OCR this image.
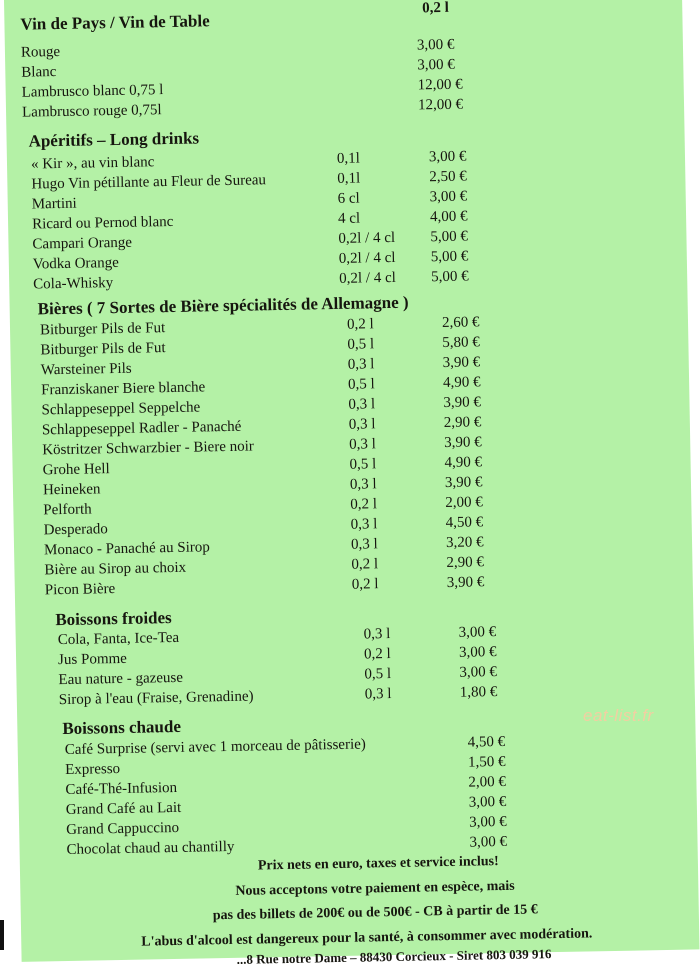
0,2 l
Vin de Pays / Vin de Table
Rouge	3,00 €
Blanc	3,00 €
Lambrusco blanc 0,75 l	12,00 €
Lambrusco rouge 0,75l	12,00 €
Apéritifs – Long drinks
« Kir », au vin blanc	0,1l	3,00 €
Hugo Vin pétillante au Fleur de Sureau	0,1l	2,50 €
Martini	6 cl	3,00 €
Ricard ou Pernod blanc	4 cl	4,00 €
Campari Orange	0,2l / 4 cl 5,00 €
Vodka Orange	0,2l / 4 cl 5,00 €
Cola-Whisky	0,2l / 4 cl 5,00 €
Bières ( 7 Sortes de Bière spécialités de Allemagne )
Bitburger Pils de Fut	0,2 l	2,60 €
Bitburger Pils de Fut	0,5 l	5,80 €
Warsteiner Pils	0,3 l	3,90 €
Franziskaner Biere blanche	0,5 l	4,90 €
Schlappeseppel Seppelche	0,3 l	3,90 €
Schlappeseppel Radler - Panaché	0,3 l	2,90 €
Köstritzer Schwarzbier - Biere noir	0,3 l	3,90 €
Grohe Hell	0,5 l	4,90 €
Heineken	0,3 l	3,90 €
Pelforth	0,2 l	2,00 €
Desperado	0,3 l	4,50 €
Monaco - Panaché au Sirop	0,3 l	3,20 €
Bière au Sirop au choix	0,2 l	2,90 €
Picon Bière	0,2 l	3,90 €
Boissons froides
Cola, Fanta, Ice-Tea	0,3 l	3,00 €
Jus Pomme	0,2 l	3,00 €
Eau nature - gazeuse	0,5 l	3,00 €
Sirop à l'eau (Fraise, Grenadine)	0,3 l	1,80 €
Boissons chaude
Café Surprise (servi avec 1 morceau de pâtisserie)	4,50 €
Expresso	1,50 €
Café-Thé-Infusion	2,00 €
Grand Café au Lait	3,00 €
Grand Cappuccino	3,00 €
Chocolat chaud au chantilly	3,00 €
Prix nets en euro, taxes et service inclus!
Nous acceptons votre paiement en espèce, mais
pas des billets de 200€ ou de 500€ - CB à partir de 15 €
L'abus d'alcool est dangereux pour la santé, à consommer avec modération.
...8 Rue notre Dame – 88430 Corcieux - Siret 803 039 916
eat-list.fr
